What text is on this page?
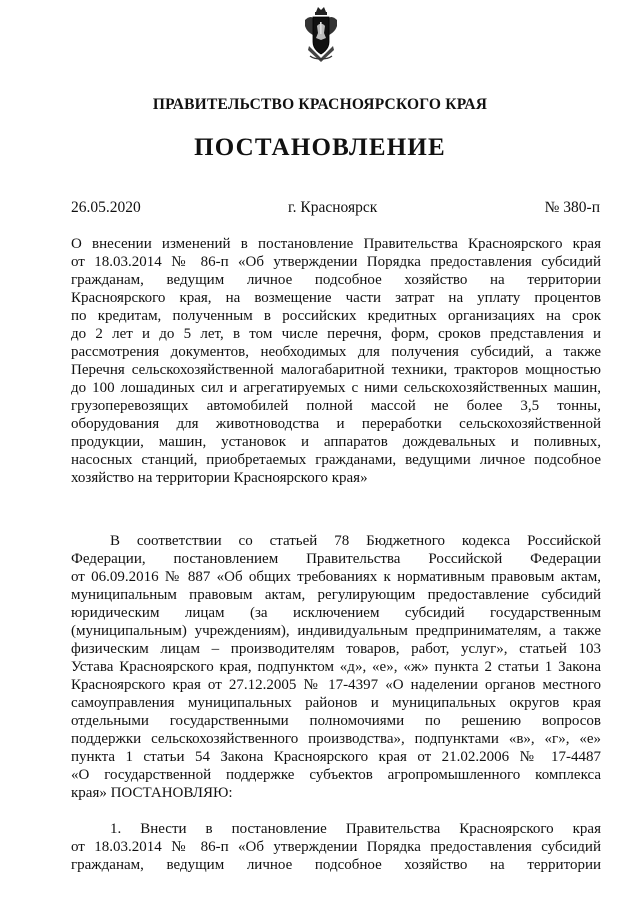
ПРАВИТЕЛЬСТВО КРАСНОЯРСКОГО КРАЯ
ПОСТАНОВЛЕНИЕ
26.05.2020	г. Красноярск	№ 380-п
О внесении изменений в постановление Правительства Красноярского края
от 18.03.2014 № 86-п «Об утверждении Порядка предоставления субсидий
гражданам, ведущим личное подсобное хозяйство на территории
Красноярского края, на возмещение части затрат на уплату процентов
по кредитам, полученным в российских кредитных организациях на срок
до 2 лет и до 5 лет, в том числе перечня, форм, сроков представления и
рассмотрения документов, необходимых для получения субсидий, а также
Перечня сельскохозяйственной малогабаритной техники, тракторов мощностью
до 100 лошадиных сил и агрегатируемых с ними сельскохозяйственных машин,
грузоперевозящих автомобилей полной массой не более 3,5 тонны,
оборудования для животноводства и переработки сельскохозяйственной
продукции, машин, установок и аппаратов дождевальных и поливных,
насосных станций, приобретаемых гражданами, ведущими личное подсобное
хозяйство на территории Красноярского края»
В соответствии со статьей 78 Бюджетного кодекса Российской
Федерации, постановлением Правительства Российской Федерации
от 06.09.2016 № 887 «Об общих требованиях к нормативным правовым актам,
муниципальным правовым актам, регулирующим предоставление субсидий
юридическим лицам (за исключением субсидий государственным
(муниципальным) учреждениям), индивидуальным предпринимателям, а также
физическим лицам – производителям товаров, работ, услуг», статьей 103
Устава Красноярского края, подпунктом «д», «е», «ж» пункта 2 статьи 1 Закона
Красноярского края от 27.12.2005 № 17-4397 «О наделении органов местного
самоуправления муниципальных районов и муниципальных округов края
отдельными государственными полномочиями по решению вопросов
поддержки сельскохозяйственного производства», подпунктами «в», «г», «е»
пункта 1 статьи 54 Закона Красноярского края от 21.02.2006 № 17-4487
«О государственной поддержке субъектов агропромышленного комплекса
края» ПОСТАНОВЛЯЮ:
1. Внести в постановление Правительства Красноярского края
от 18.03.2014 № 86-п «Об утверждении Порядка предоставления субсидий
гражданам, ведущим личное подсобное хозяйство на территории
